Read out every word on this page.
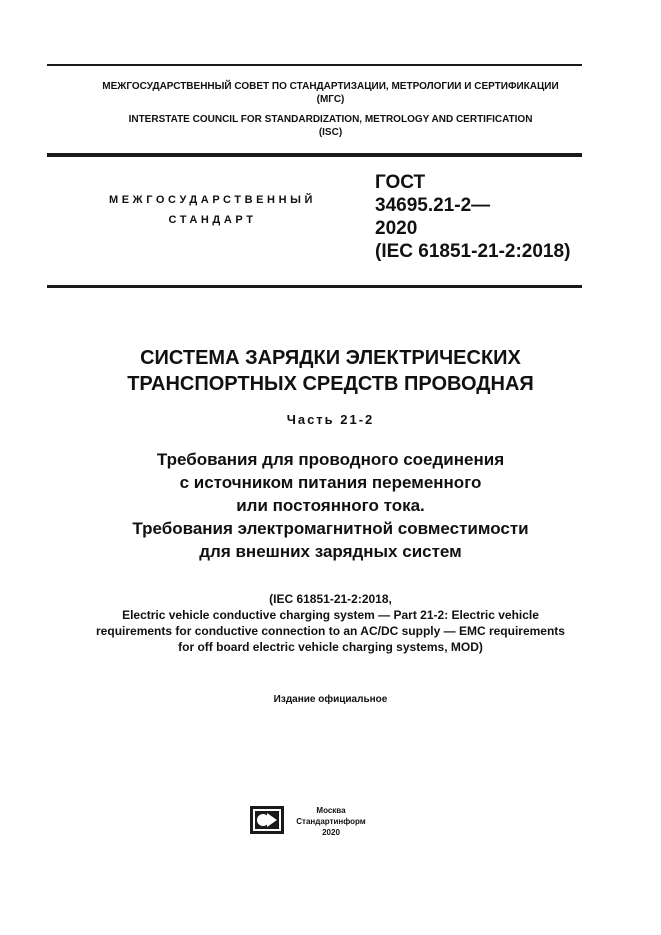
МЕЖГОСУДАРСТВЕННЫЙ СОВЕТ ПО СТАНДАРТИЗАЦИИ, МЕТРОЛОГИИ И СЕРТИФИКАЦИИ
(МГС)
INTERSTATE COUNCIL FOR STANDARDIZATION, METROLOGY AND CERTIFICATION
(ISC)
МЕЖГОСУДАРСТВЕННЫЙ
СТАНДАРТ
ГОСТ
34695.21-2—
2020
(IEC 61851-21-2:2018)
СИСТЕМА ЗАРЯДКИ ЭЛЕКТРИЧЕСКИХ
ТРАНСПОРТНЫХ СРЕДСТВ ПРОВОДНАЯ
Часть 21-2
Требования для проводного соединения
с источником питания переменного
или постоянного тока.
Требования электромагнитной совместимости
для внешних зарядных систем
(IEC 61851-21-2:2018,
Electric vehicle conductive charging system — Part 21-2: Electric vehicle
requirements for conductive connection to an AC/DC supply — EMC requirements
for off board electric vehicle charging systems, MOD)
Издание официальное
Москва
Стандартинформ
2020
